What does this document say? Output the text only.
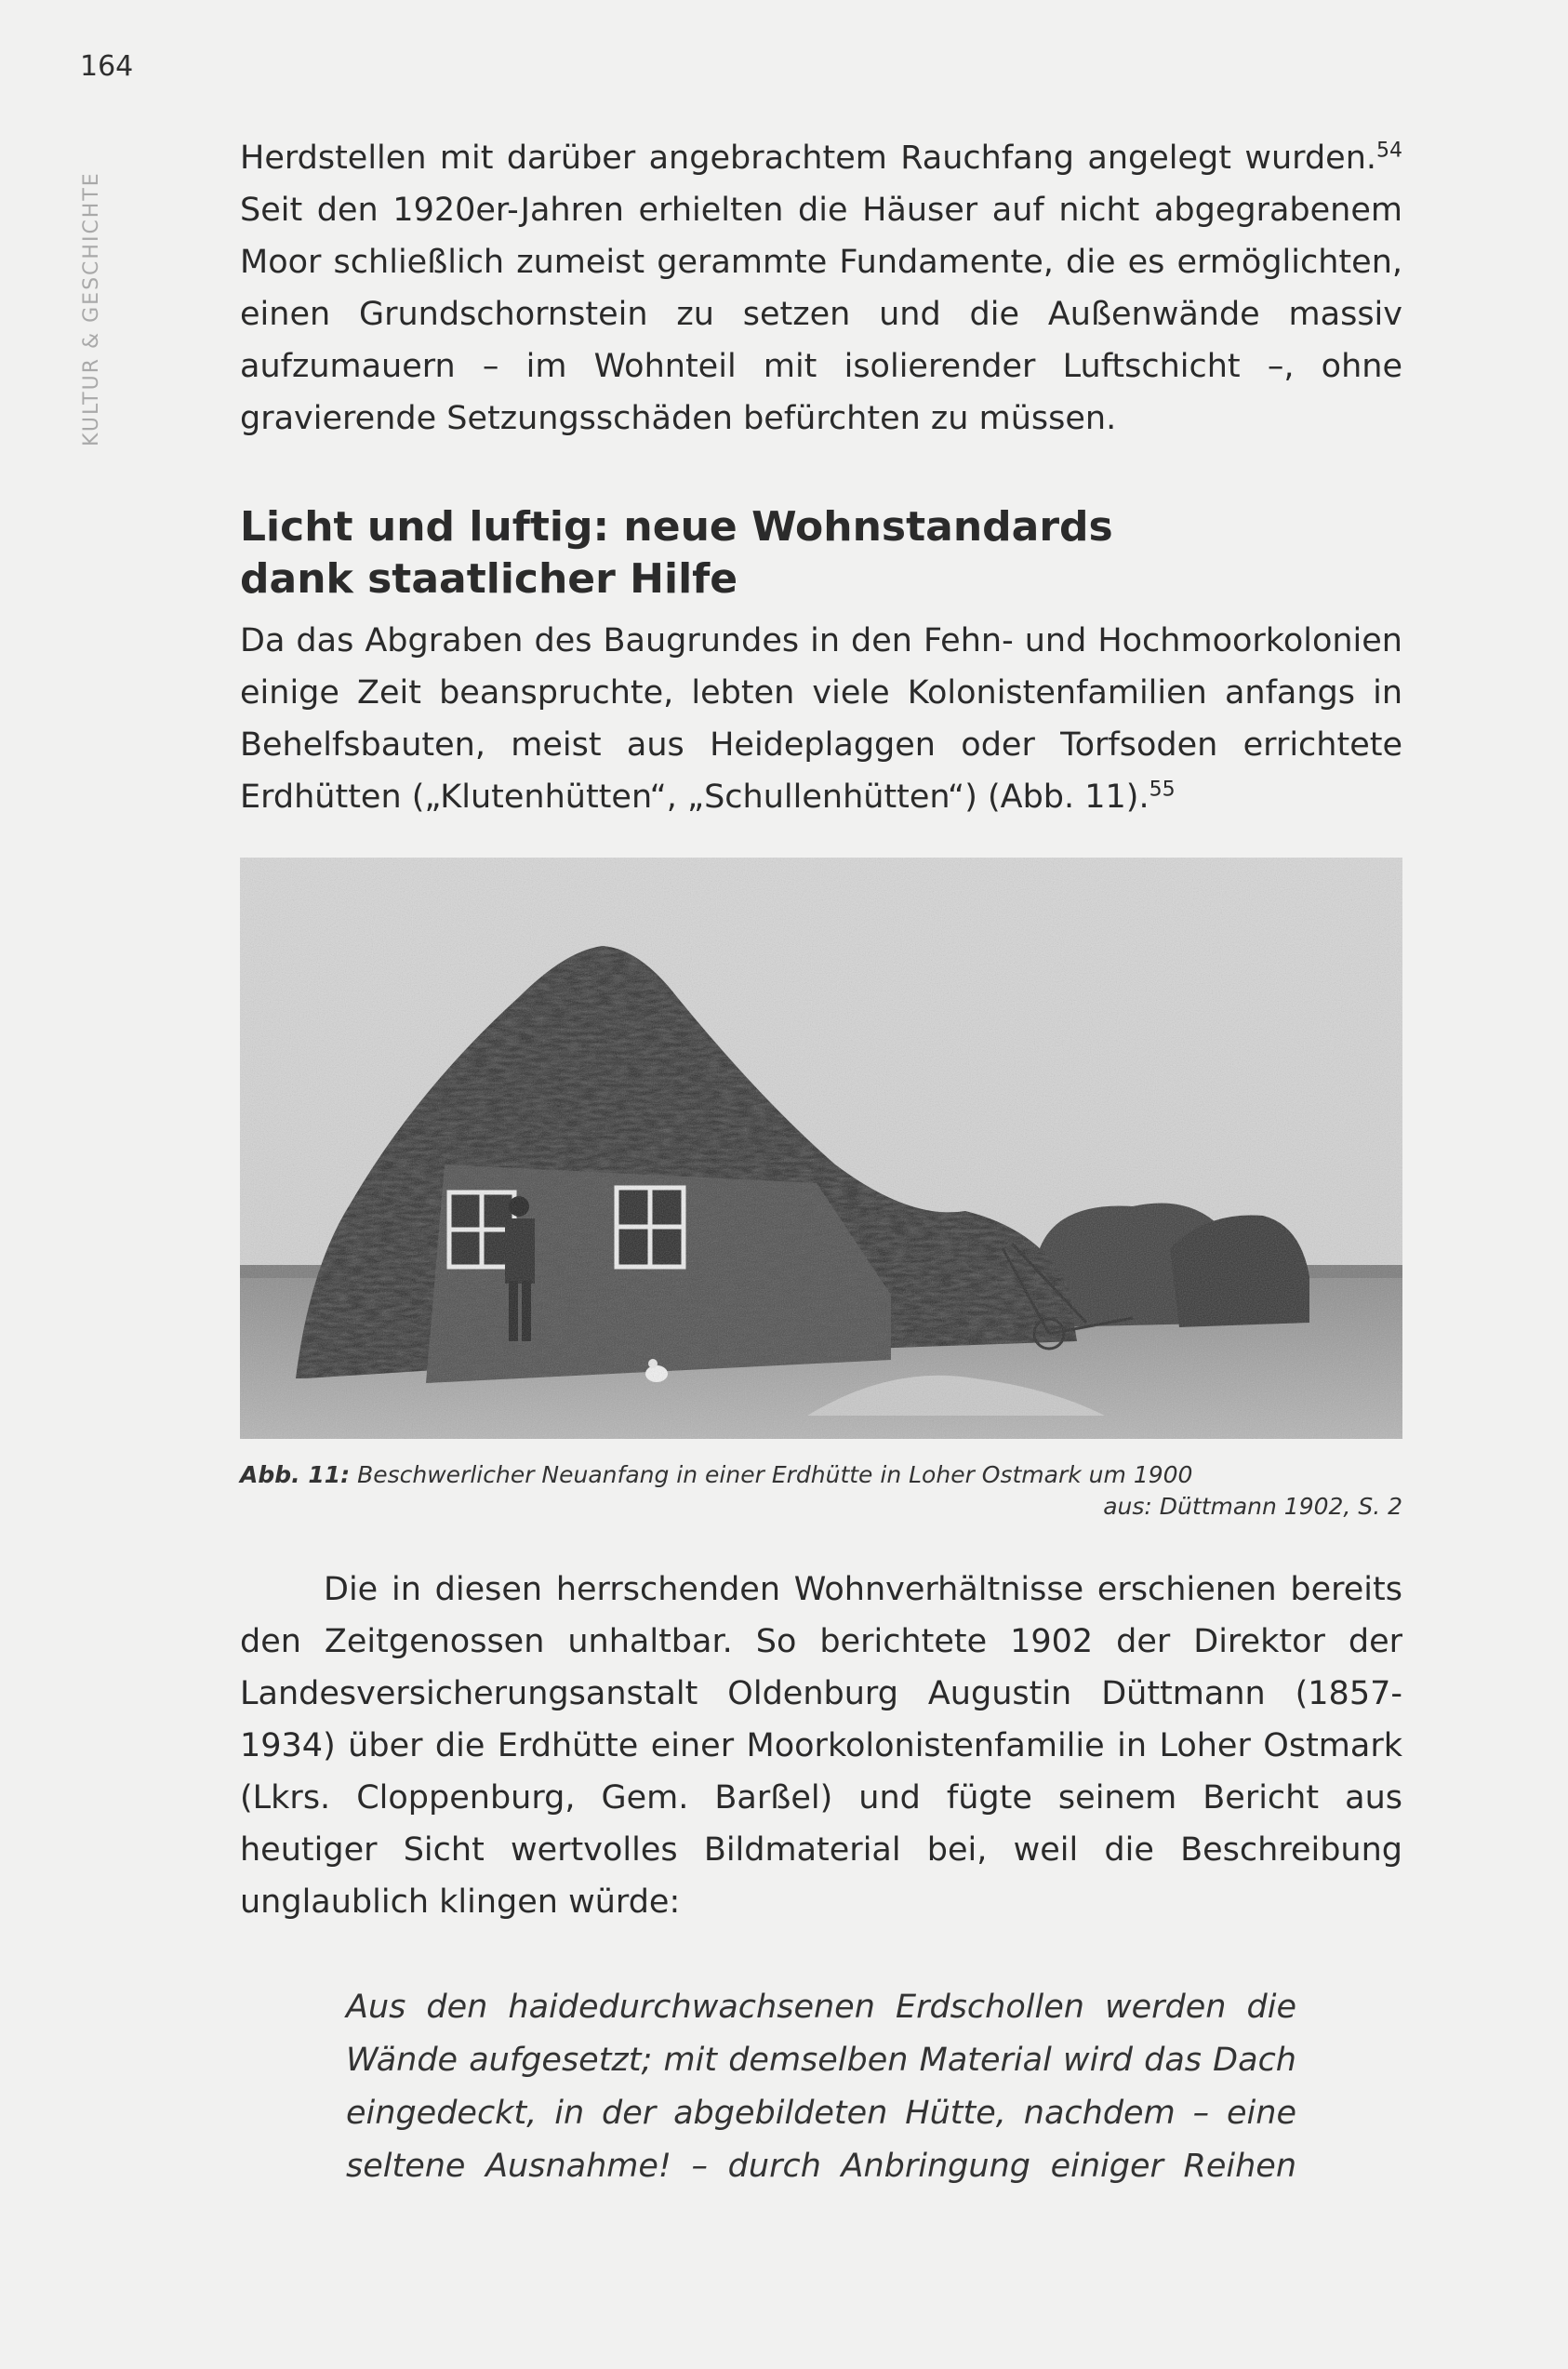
164
KULTUR & GESCHICHTE

Herdstellen mit darüber angebrachtem Rauchfang angelegt wurden.$^{54}$ Seit den 1920er-Jahren erhielten die Häuser auf nicht abgegrabenem Moor schließlich zumeist gerammte Fundamente, die es ermöglichten, einen Grundschornstein zu setzen und die Außenwände massiv aufzumauern – im Wohnteil mit isolierender Luftschicht –, ohne gravierende Setzungsschäden befürchten zu müssen.

Licht und luftig: neue Wohnstandards
dank staatlicher Hilfe

Da das Abgraben des Baugrundes in den Fehn- und Hochmoorkolonien einige Zeit beanspruchte, lebten viele Kolonistenfamilien anfangs in Behelfsbauten, meist aus Heideplaggen oder Torfsoden errichtete Erdhütten („Klutenhütten“, „Schullenhütten“) (Abb. 11).$^{55}$

Abb. 11: Beschwerlicher Neuanfang in einer Erdhütte in Loher Ostmark um 1900
aus: Düttmann 1902, S. 2

Die in diesen herrschenden Wohnverhältnisse erschienen bereits den Zeitgenossen unhaltbar. So berichtete 1902 der Direktor der Landesversicherungsanstalt Oldenburg Augustin Düttmann (1857-1934) über die Erdhütte einer Moorkolonistenfamilie in Loher Ostmark (Lkrs. Cloppenburg, Gem. Barßel) und fügte seinem Bericht aus heutiger Sicht wertvolles Bildmaterial bei, weil die Beschreibung unglaublich klingen würde:

Aus den haidedurchwachsenen Erdschollen werden die Wände aufgesetzt; mit demselben Material wird das Dach eingedeckt, in der abgebildeten Hütte, nachdem – eine seltene Ausnahme! – durch Anbringung einiger Reihen
